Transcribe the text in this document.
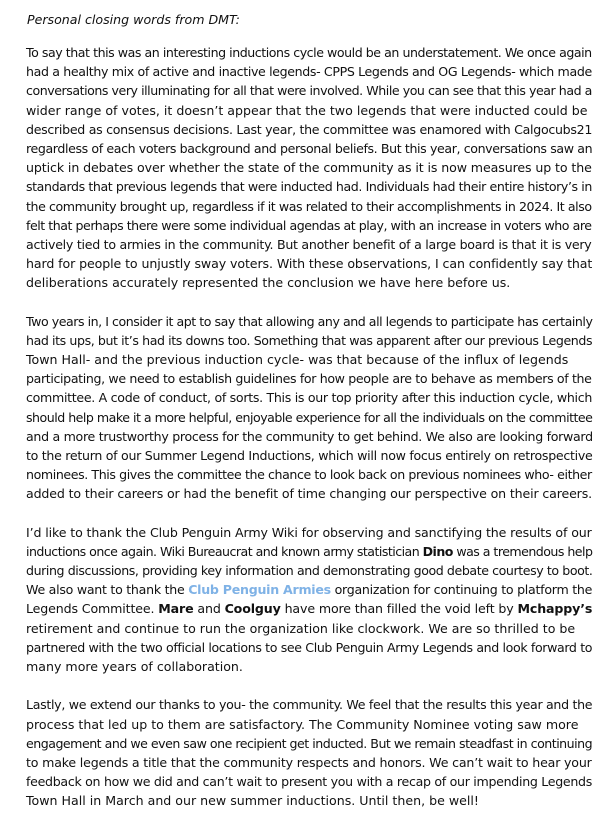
Personal closing words from DMT:
To say that this was an interesting inductions cycle would be an understatement. We once again
had a healthy mix of active and inactive legends- CPPS Legends and OG Legends- which made
conversations very illuminating for all that were involved. While you can see that this year had a
wider range of votes, it doesn’t appear that the two legends that were inducted could be
described as consensus decisions. Last year, the committee was enamored with Calgocubs21
regardless of each voters background and personal beliefs. But this year, conversations saw an
uptick in debates over whether the state of the community as it is now measures up to the
standards that previous legends that were inducted had. Individuals had their entire history’s in
the community brought up, regardless if it was related to their accomplishments in 2024. It also
felt that perhaps there were some individual agendas at play, with an increase in voters who are
actively tied to armies in the community. But another benefit of a large board is that it is very
hard for people to unjustly sway voters. With these observations, I can confidently say that
deliberations accurately represented the conclusion we have here before us.
Two years in, I consider it apt to say that allowing any and all legends to participate has certainly
had its ups, but it’s had its downs too. Something that was apparent after our previous Legends
Town Hall- and the previous induction cycle- was that because of the influx of legends
participating, we need to establish guidelines for how people are to behave as members of the
committee. A code of conduct, of sorts. This is our top priority after this induction cycle, which
should help make it a more helpful, enjoyable experience for all the individuals on the committee
and a more trustworthy process for the community to get behind. We also are looking forward
to the return of our Summer Legend Inductions, which will now focus entirely on retrospective
nominees. This gives the committee the chance to look back on previous nominees who- either
added to their careers or had the benefit of time changing our perspective on their careers.
I’d like to thank the Club Penguin Army Wiki for observing and sanctifying the results of our
inductions once again. Wiki Bureaucrat and known army statistician Dino was a tremendous help
during discussions, providing key information and demonstrating good debate courtesy to boot.
We also want to thank the Club Penguin Armies organization for continuing to platform the
Legends Committee. Mare and Coolguy have more than filled the void left by Mchappy’s
retirement and continue to run the organization like clockwork. We are so thrilled to be
partnered with the two official locations to see Club Penguin Army Legends and look forward to
many more years of collaboration.
Lastly, we extend our thanks to you- the community. We feel that the results this year and the
process that led up to them are satisfactory. The Community Nominee voting saw more
engagement and we even saw one recipient get inducted. But we remain steadfast in continuing
to make legends a title that the community respects and honors. We can’t wait to hear your
feedback on how we did and can’t wait to present you with a recap of our impending Legends
Town Hall in March and our new summer inductions. Until then, be well!
